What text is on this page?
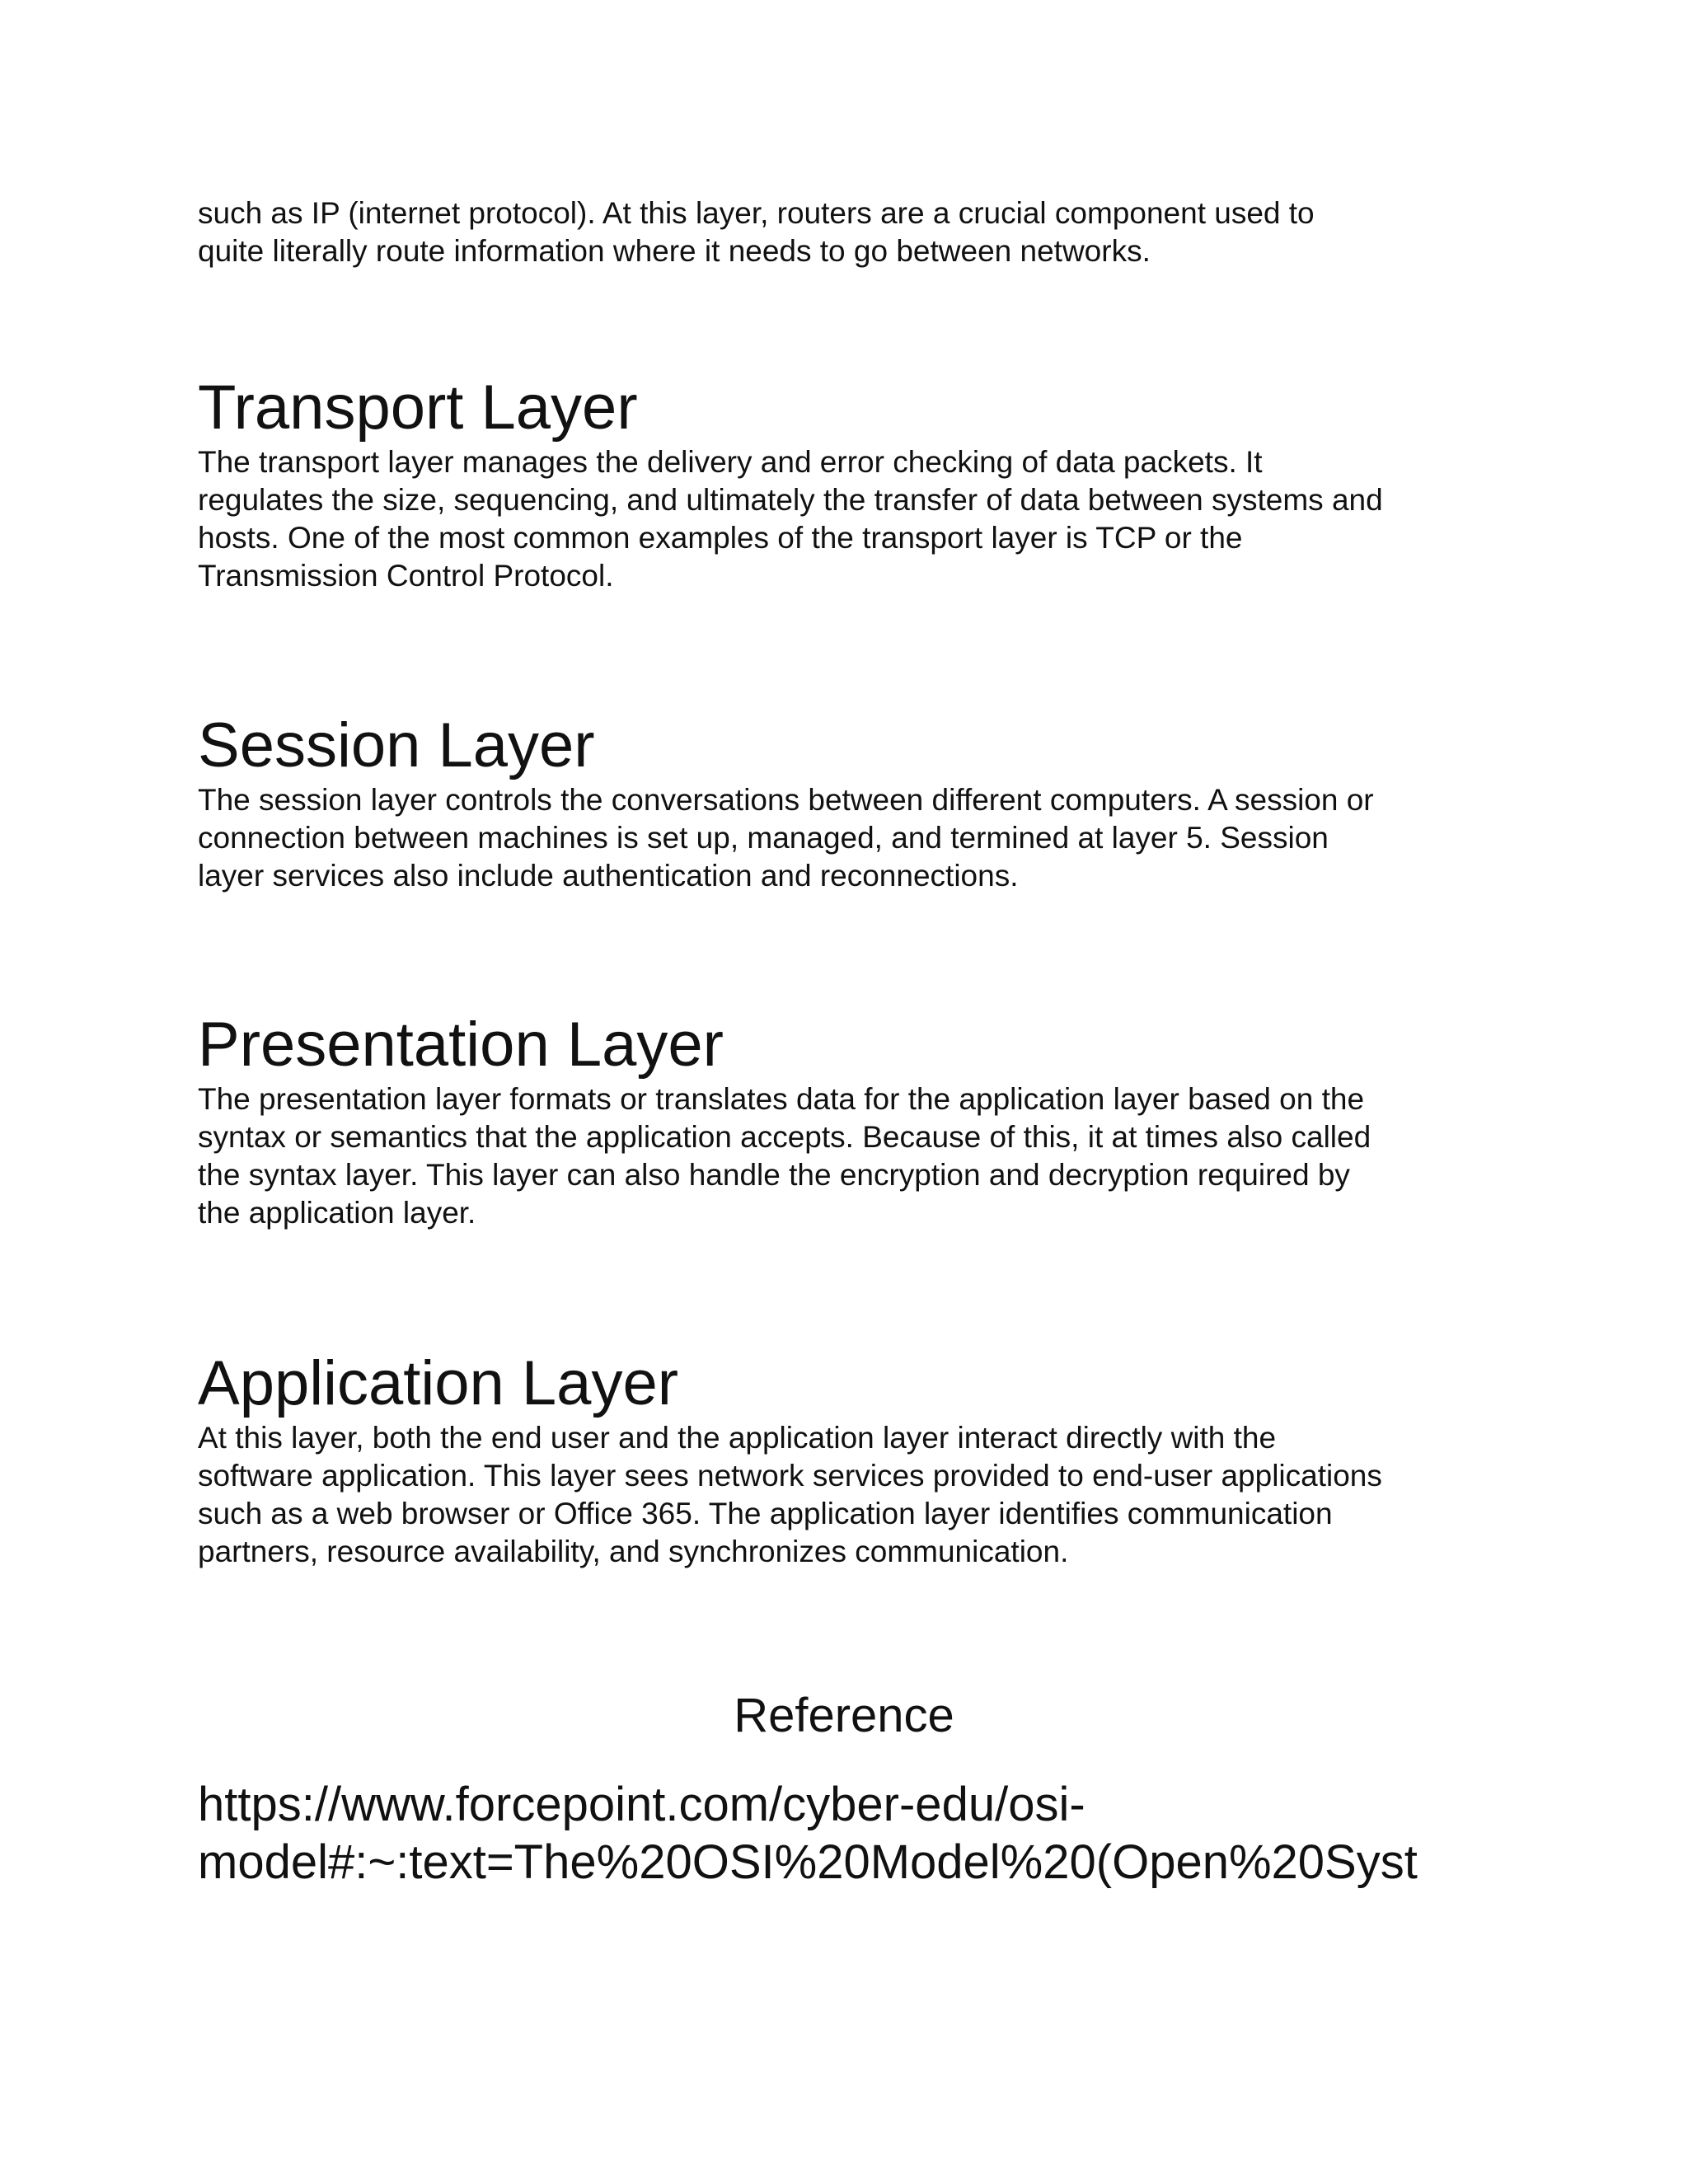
such as IP (internet protocol). At this layer, routers are a crucial component used to
quite literally route information where it needs to go between networks.

Transport Layer

The transport layer manages the delivery and error checking of data packets. It
regulates the size, sequencing, and ultimately the transfer of data between systems and
hosts. One of the most common examples of the transport layer is TCP or the
Transmission Control Protocol.

Session Layer

The session layer controls the conversations between different computers. A session or
connection between machines is set up, managed, and termined at layer 5. Session
layer services also include authentication and reconnections.

Presentation Layer

The presentation layer formats or translates data for the application layer based on the
syntax or semantics that the application accepts. Because of this, it at times also called
the syntax layer. This layer can also handle the encryption and decryption required by
the application layer.

Application Layer

At this layer, both the end user and the application layer interact directly with the
software application. This layer sees network services provided to end-user applications
such as a web browser or Office 365. The application layer identifies communication
partners, resource availability, and synchronizes communication.

Reference

https://www.forcepoint.com/cyber-edu/osi-
model#:~:text=The%20OSI%20Model%20(Open%20Syst
